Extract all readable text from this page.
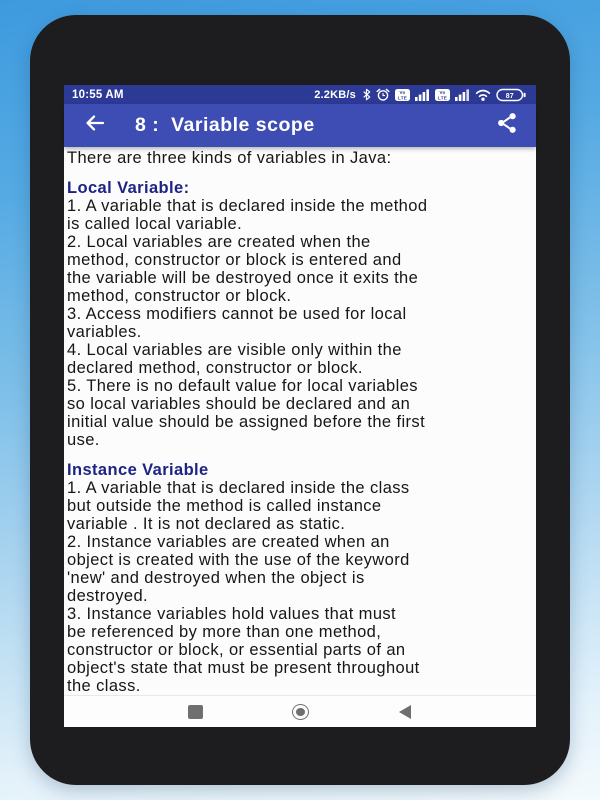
10:55 AM	2.2KB/s	Vo
LTE
Vo
LTE	87
8 :  Variable scope
There are three kinds of variables in Java:
Local Variable:
1. A variable that is declared inside the method
is called local variable.
2. Local variables are created when the
method, constructor or block is entered and
the variable will be destroyed once it exits the
method, constructor or block.
3. Access modifiers cannot be used for local
variables.
4. Local variables are visible only within the
declared method, constructor or block.
5. There is no default value for local variables
so local variables should be declared and an
initial value should be assigned before the first
use.
Instance Variable
1. A variable that is declared inside the class
but outside the method is called instance
variable . It is not declared as static.
2. Instance variables are created when an
object is created with the use of the keyword
'new' and destroyed when the object is
destroyed.
3. Instance variables hold values that must
be referenced by more than one method,
constructor or block, or essential parts of an
object's state that must be present throughout
the class.
